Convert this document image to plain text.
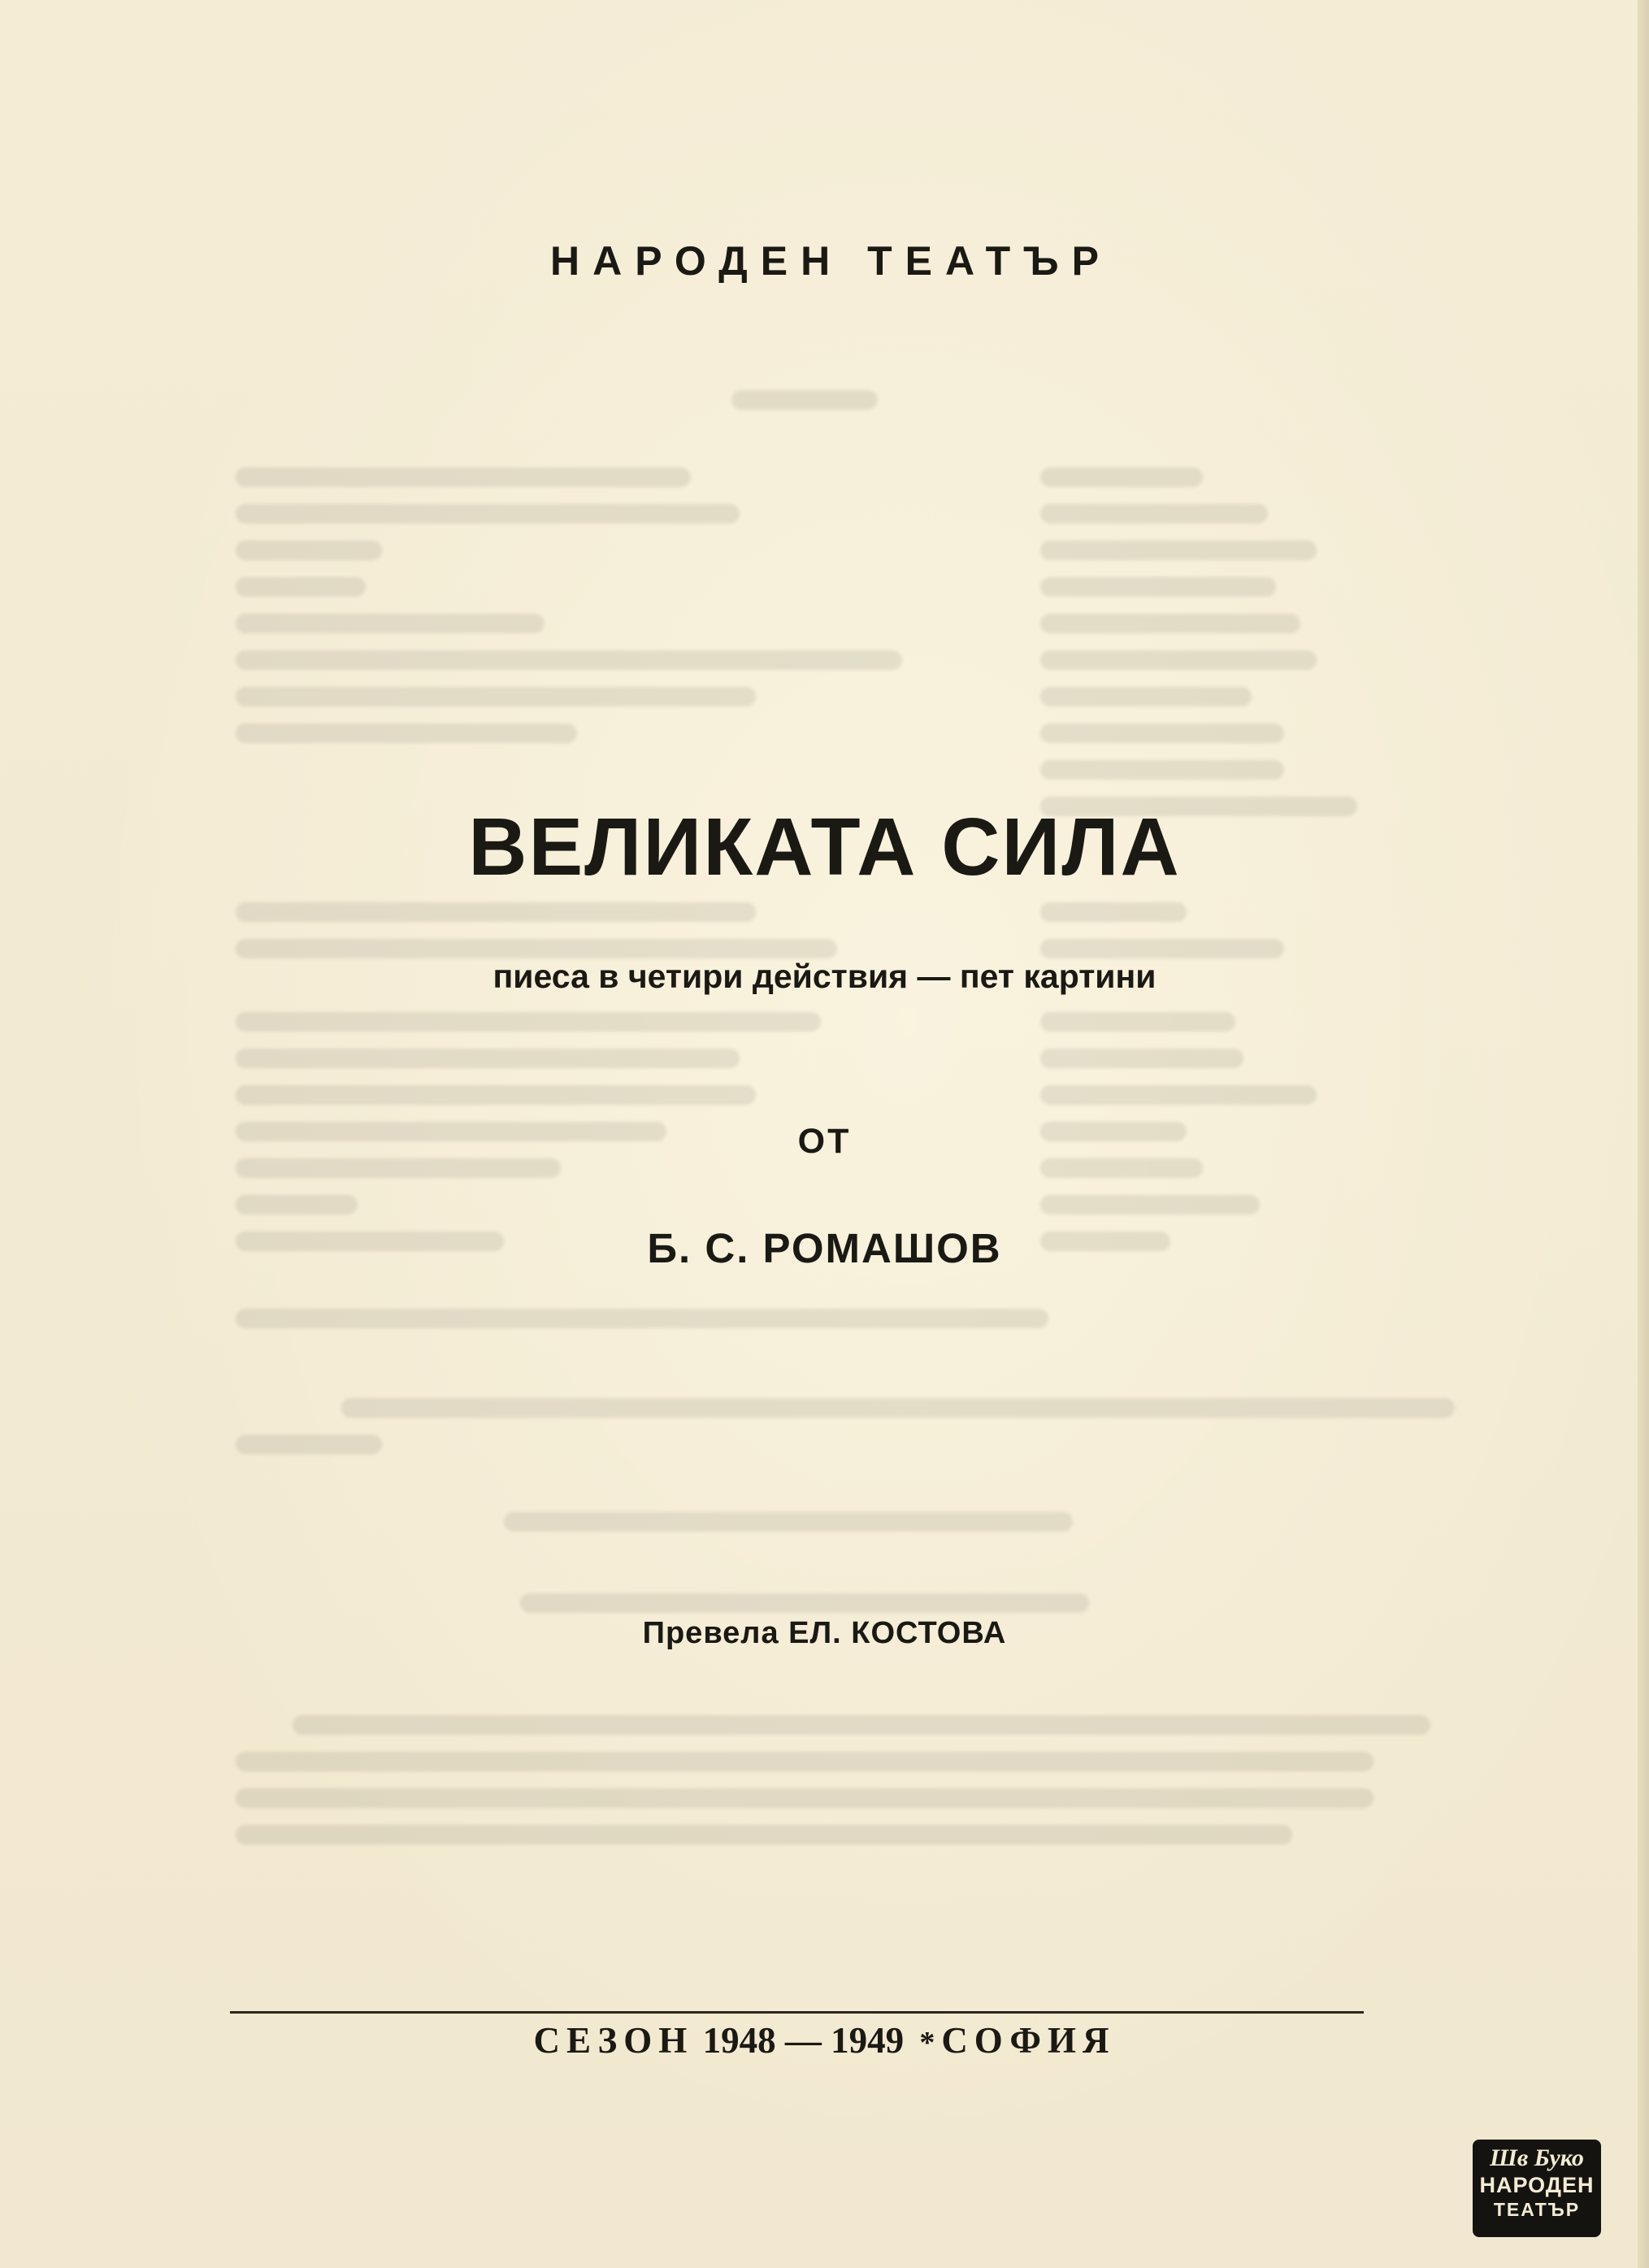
НАРОДЕН ТЕАТЪР
ВЕЛИКАТА СИЛА
пиеса в четири действия — пет картини
ОТ
Б. С. РОМАШОВ
Превела ЕЛ. КОСТОВА
СЕЗОН 1948 — 1949 * СОФИЯ
Шв Буко
НАРОДЕН
ТЕАТЪР
